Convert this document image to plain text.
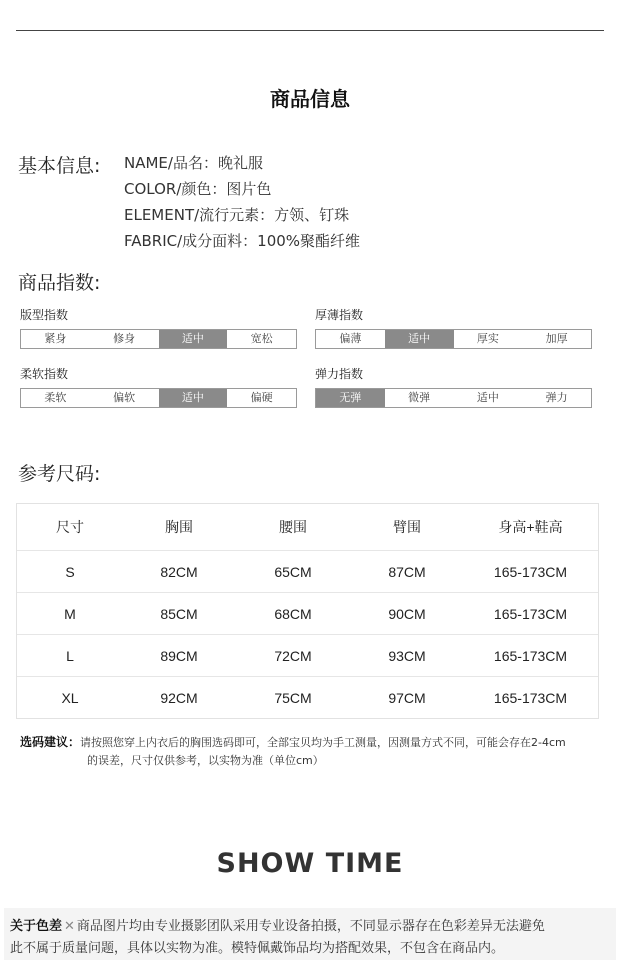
商品信息
基本信息: NAME/品名：晚礼服
COLOR/颜色：图片色
ELEMENT/流行元素：方领、钉珠
FABRIC/成分面料：100%聚酯纤维
商品指数:
版型指数
紧身	修身	适中	宽松
厚薄指数
偏薄	适中	厚实	加厚
柔软指数
柔软	偏软	适中	偏硬
弹力指数
无弹	微弹	适中	弹力
参考尺码:
尺寸	胸围	腰围	臂围	身高+鞋高
S	82CM	65CM	87CM	165-173CM
M	85CM	68CM	90CM	165-173CM
L	89CM	72CM	93CM	165-173CM
XL	92CM	75CM	97CM	165-173CM
选码建议：请按照您穿上内衣后的胸围选码即可，全部宝贝均为手工测量，因测量方式不同，可能会存在2-4cm
的误差，尺寸仅供参考，以实物为准（单位cm）
SHOW TIME
关于色差 ✕ 商品图片均由专业摄影团队采用专业设备拍摄，不同显示器存在色彩差异无法避免
此不属于质量问题，具体以实物为准。模特佩戴饰品均为搭配效果，不包含在商品内。
